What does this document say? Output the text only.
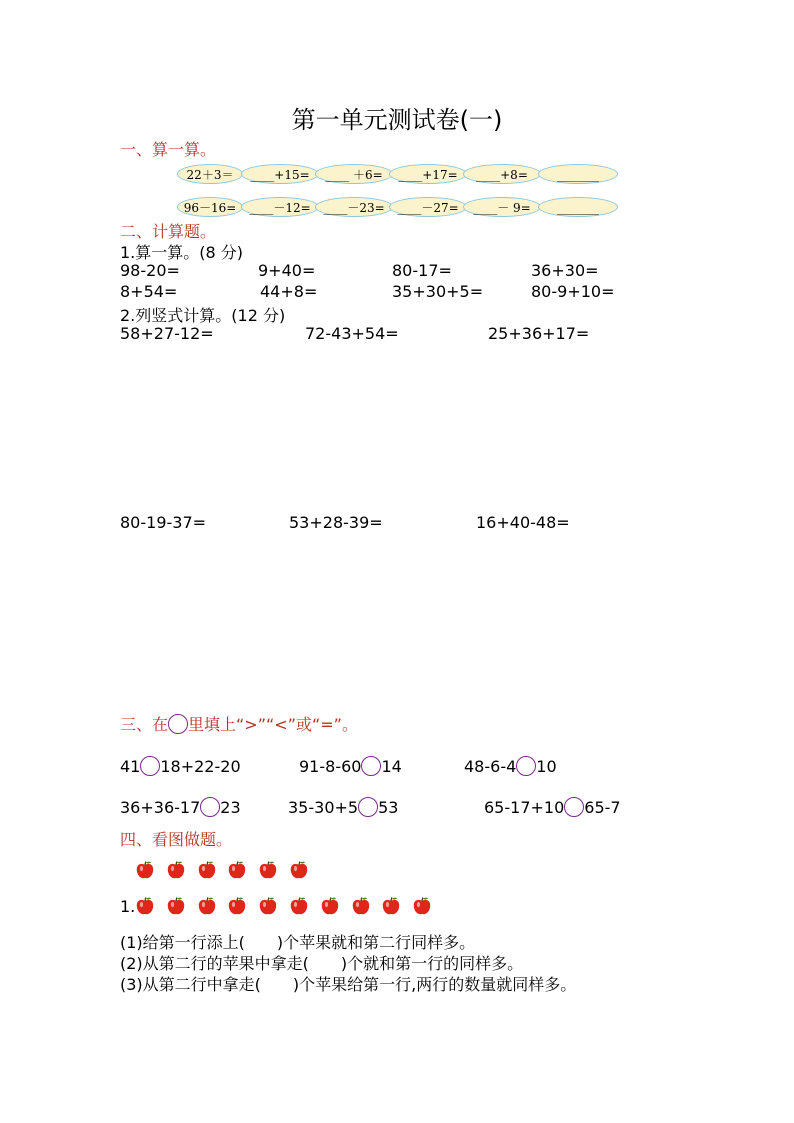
第一单元测试卷(一)
一、算一算。
22＋3＝	____+15=	____ ＋6=	____+17=	____+8=	_______
96－16=	____－12=	____－23=	____－27=	____－ 9=	_______
二、计算题。
1.算一算。(8 分)
98-20=	9+40=	80-17=	36+30=
8+54=	44+8=	35+30+5=	80-9+10=
2.列竖式计算。(12 分)
58+27-12=	72-43+54=	25+36+17=
80-19-37=	53+28-39=	16+40-48=
三、在 里填上“>”“<”或“=”。
41 18+22-20	91-8-60 14	48-6-4 10
36+36-17 23	35-30+5 53	65-17+10 65-7
四、看图做题。
1.
(1)给第一行添上(　　)个苹果就和第二行同样多。
(2)从第二行的苹果中拿走(　　)个就和第一行的同样多。
(3)从第二行中拿走(　　)个苹果给第一行,两行的数量就同样多。
